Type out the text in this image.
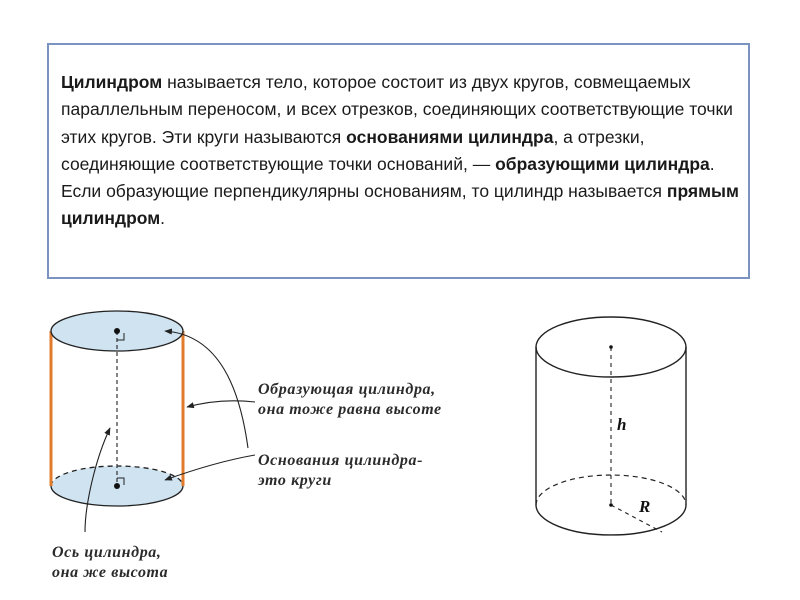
Цилиндром называется тело, которое состоит из двух кругов, совмещаемых параллельным переносом, и всех отрезков, соединяющих соответствующие точки этих кругов. Эти круги называются основаниями цилиндра, а отрезки, соединяющие соответствующие точки оснований, — образующими цилиндра. Если образующие перпендикулярны основаниям, то цилиндр называется прямым цилиндром.
Образующая цилиндра,
она тоже равна высоте
Основания цилиндра-
это круги
Ось цилиндра,
она же высота
h
R
